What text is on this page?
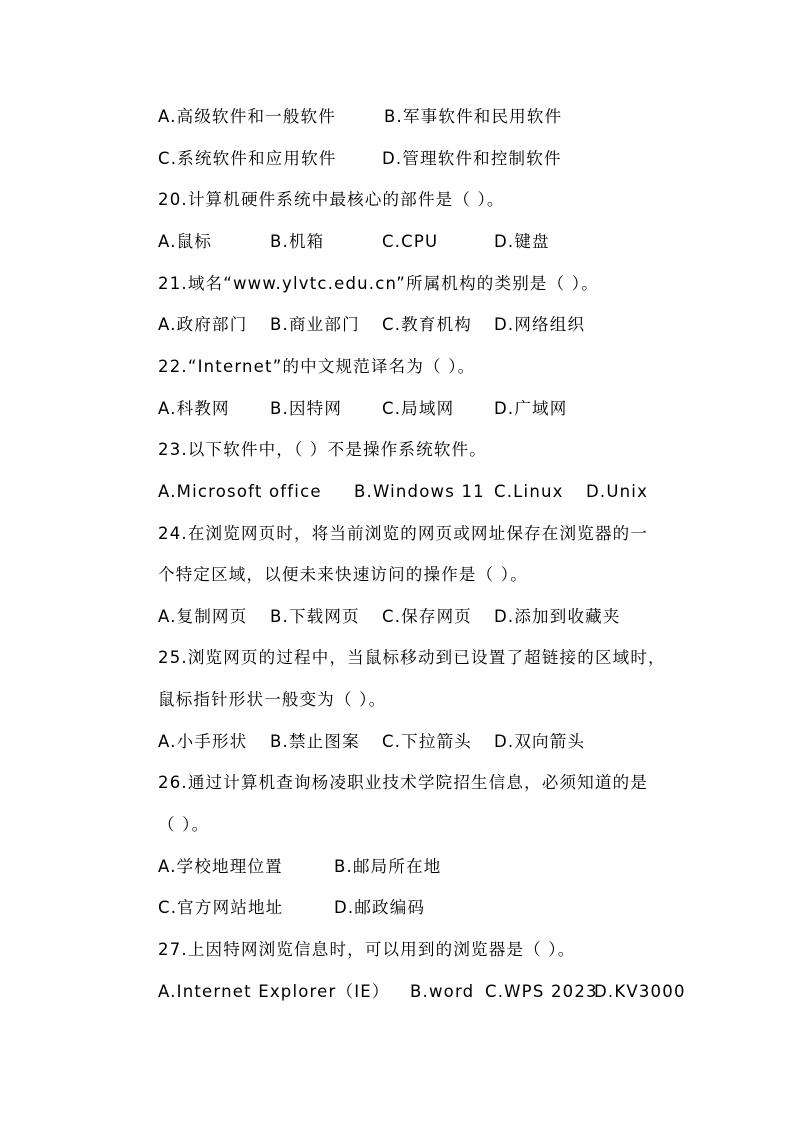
A.高级软件和一般软件	B.军事软件和民用软件
C.系统软件和应用软件	D.管理软件和控制软件
20.计算机硬件系统中最核心的部件是（ ）。
A.鼠标	B.机箱	C.CPU	D.键盘
21.域名“www.ylvtc.edu.cn”所属机构的类别是（ ）。
A.政府部门 B.商业部门 C.教育机构 D.网络组织
22.“Internet”的中文规范译名为（ ）。
A.科教网 B.因特网 C.局域网 D.广域网
23.以下软件中，（ ）不是操作系统软件。
A.Microsoft office B.Windows 11 C.Linux D.Unix
24.在浏览网页时，将当前浏览的网页或网址保存在浏览器的一
个特定区域，以便未来快速访问的操作是（ ）。
A.复制网页 B.下载网页 C.保存网页 D.添加到收藏夹
25.浏览网页的过程中，当鼠标移动到已设置了超链接的区域时，
鼠标指针形状一般变为（ ）。
A.小手形状 B.禁止图案 C.下拉箭头 D.双向箭头
26.通过计算机查询杨凌职业技术学院招生信息，必须知道的是
（ ）。
A.学校地理位置	B.邮局所在地
C.官方网站地址	D.邮政编码
27.上因特网浏览信息时，可以用到的浏览器是（ ）。
A.Internet Explorer（IE） B.word C.WPS 2023
D.KV3000
